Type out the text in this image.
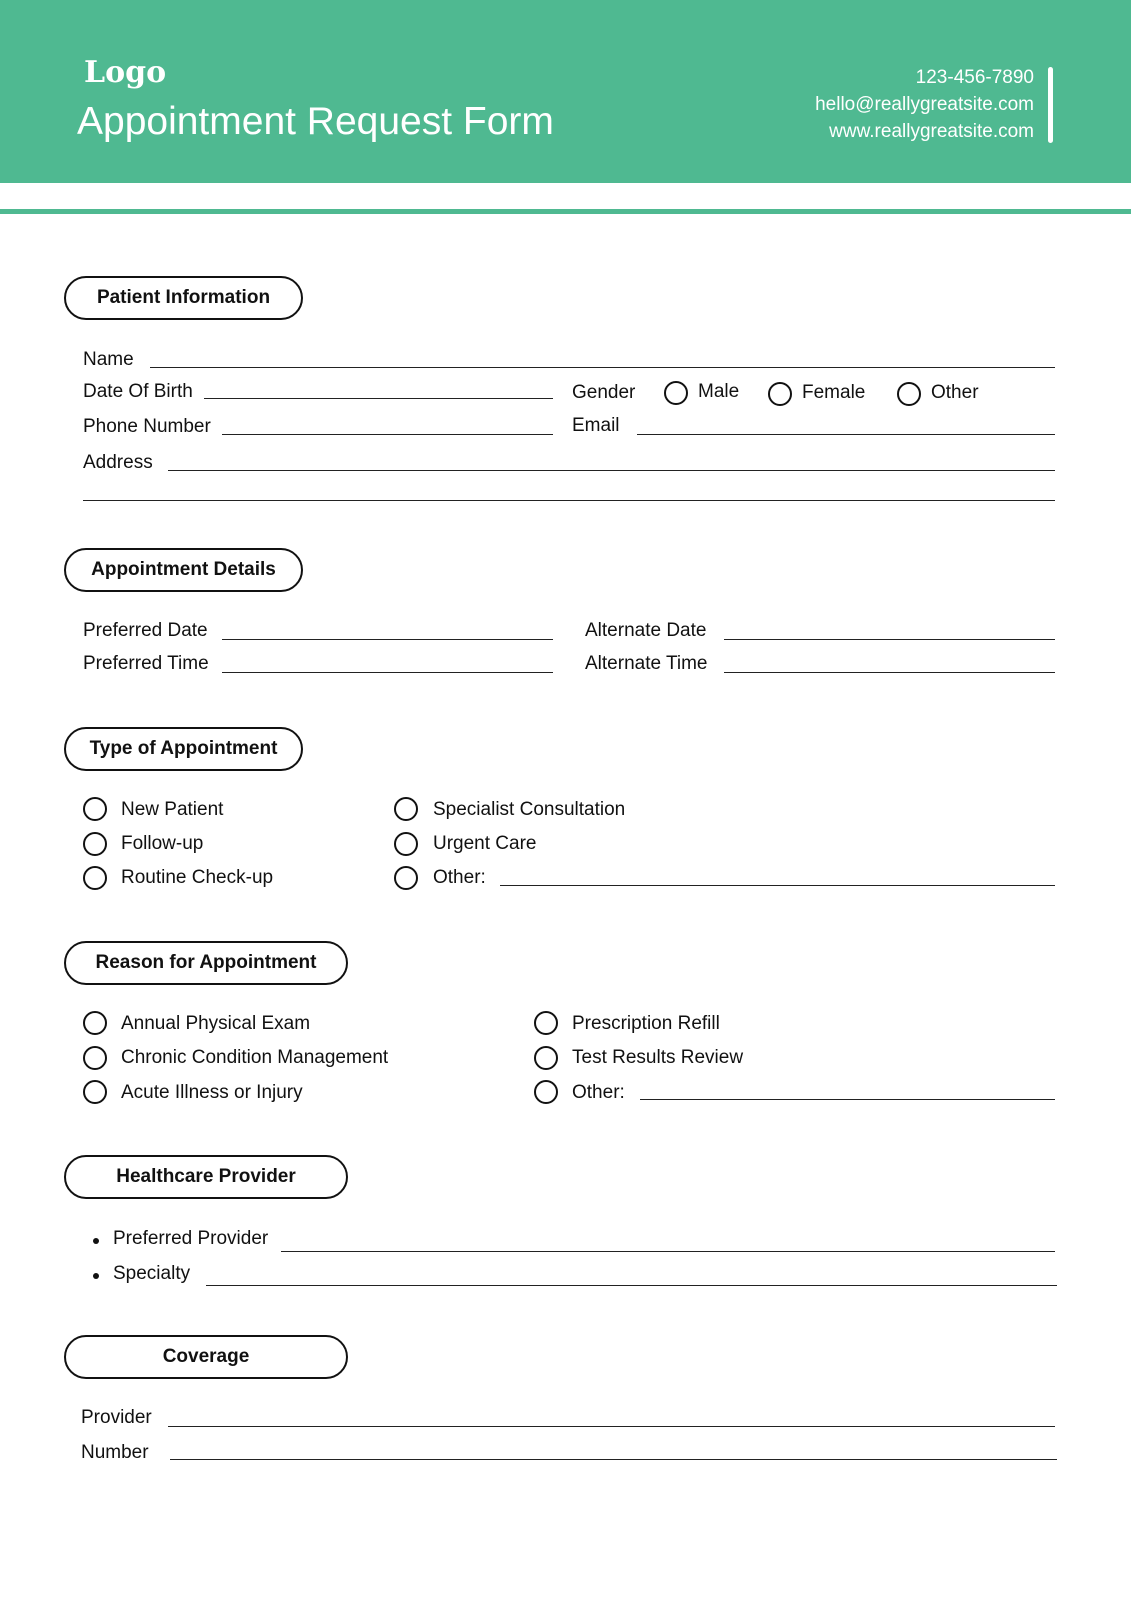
Logo
Appointment Request Form
123-456-7890
hello@reallygreatsite.com
www.reallygreatsite.com
Patient Information
Name
Date Of Birth	Gender	Male	Female	Other
Phone Number	Email
Address
Appointment Details
Preferred Date	Alternate Date
Preferred Time	Alternate Time
Type of Appointment
New Patient
Follow-up
Routine Check-up
Specialist Consultation
Urgent Care
Other:
Reason for Appointment
Annual Physical Exam
Chronic Condition Management
Acute Illness or Injury
Prescription Refill
Test Results Review
Other:
Healthcare Provider
Preferred Provider
Specialty
Coverage
Provider
Number
